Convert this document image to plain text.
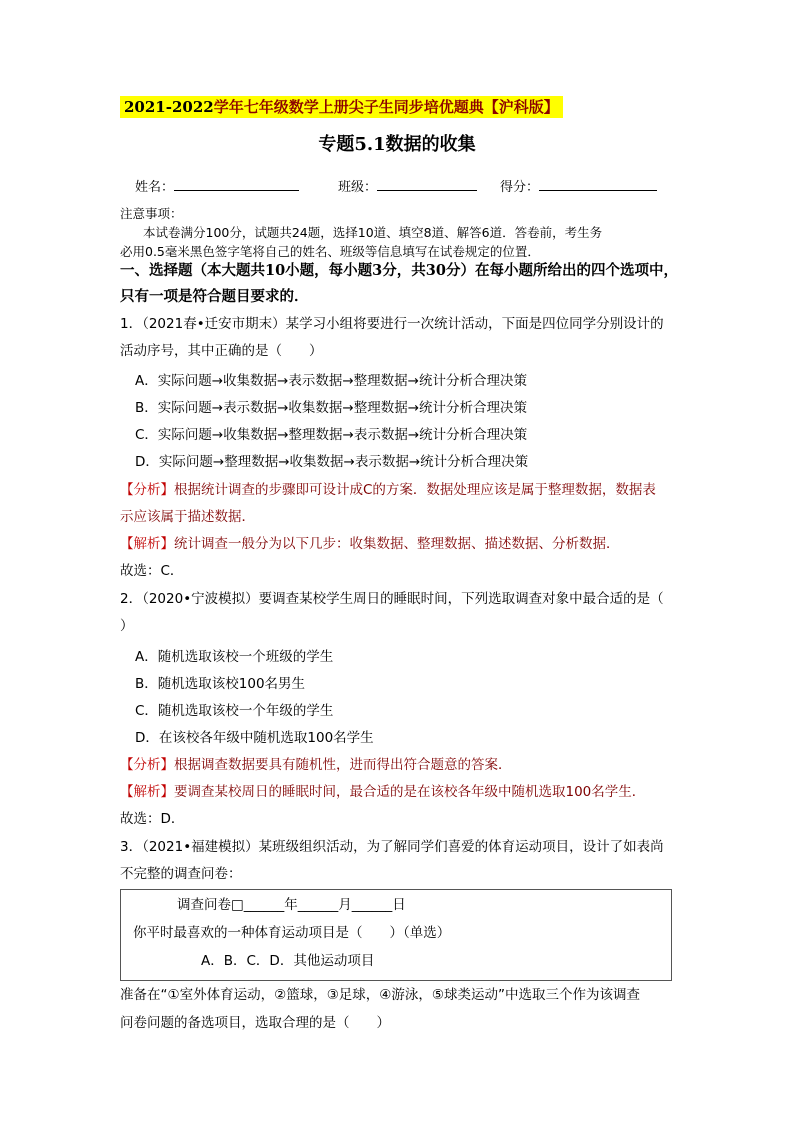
2021-2022学年七年级数学上册尖子生同步培优题典【沪科版】
专题5.1数据的收集
姓名：	班级：	得分：
注意事项：
本试卷满分100分，试题共24题，选择10道、填空8道、解答6道．答卷前，考生务
必用0.5毫米黑色签字笔将自己的姓名、班级等信息填写在试卷规定的位置．
一、选择题（本大题共10小题，每小题3分，共30分）在每小题所给出的四个选项中，
只有一项是符合题目要求的．
1．（2021春•迁安市期末）某学习小组将要进行一次统计活动，下面是四位同学分别设计的
活动序号，其中正确的是（　　）
A．实际问题→收集数据→表示数据→整理数据→统计分析合理决策
B．实际问题→表示数据→收集数据→整理数据→统计分析合理决策
C．实际问题→收集数据→整理数据→表示数据→统计分析合理决策
D．实际问题→整理数据→收集数据→表示数据→统计分析合理决策
【分析】根据统计调查的步骤即可设计成C的方案．数据处理应该是属于整理数据，数据表
示应该属于描述数据．
【解析】统计调查一般分为以下几步：收集数据、整理数据、描述数据、分析数据．
故选：C．
2．（2020•宁波模拟）要调查某校学生周日的睡眠时间，下列选取调查对象中最合适的是（
）
A．随机选取该校一个班级的学生
B．随机选取该校100名男生
C．随机选取该校一个年级的学生
D．在该校各年级中随机选取100名学生
【分析】根据调查数据要具有随机性，进而得出符合题意的答案．
【解析】要调查某校周日的睡眠时间，最合适的是在该校各年级中随机选取100名学生．
故选：D．
3．（2021•福建模拟）某班级组织活动，为了解同学们喜爱的体育运动项目，设计了如表尚
不完整的调查问卷：
调查问卷□______年______月______日
你平时最喜欢的一种体育运动项目是（　　）（单选）
A．B．C．D．其他运动项目
准备在“①室外体育运动，②篮球，③足球，④游泳，⑤球类运动”中选取三个作为该调查
问卷问题的备选项目，选取合理的是（　　）
